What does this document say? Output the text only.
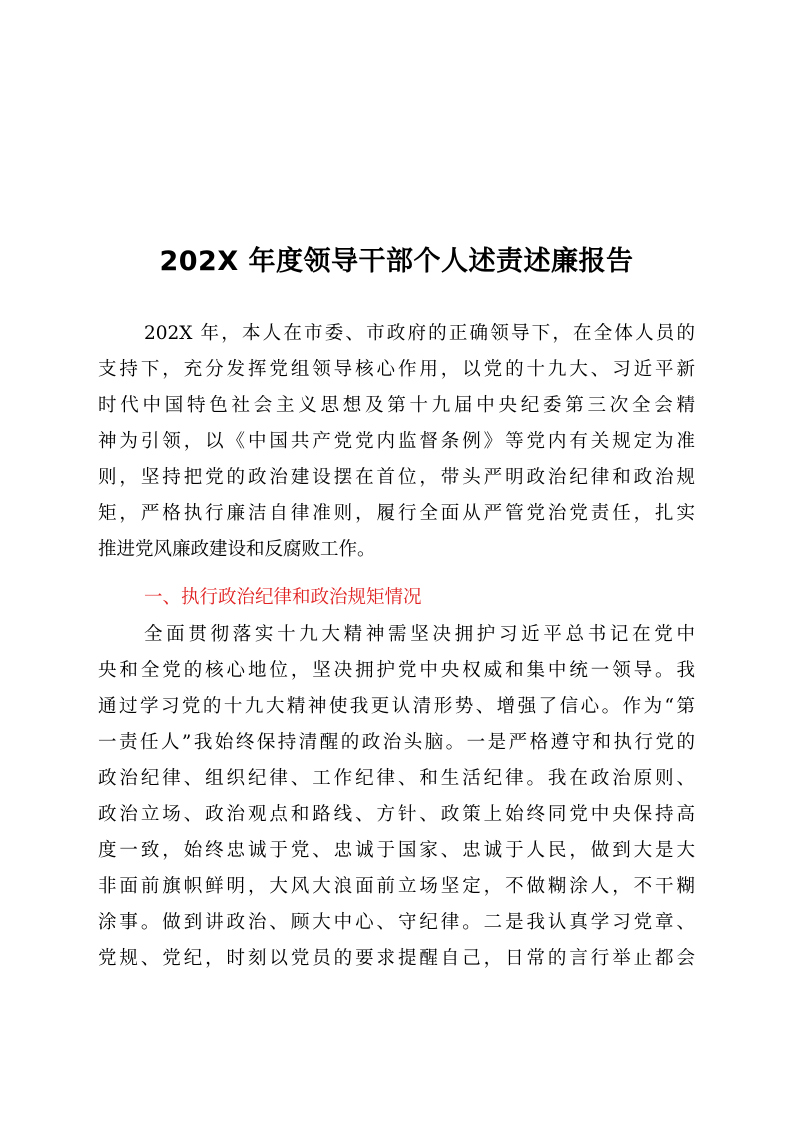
202X 年度领导干部个人述责述廉报告
202X 年，本人在市委、市政府的正确领导下，在全体人员的
支持下，充分发挥党组领导核心作用，以党的十九大、习近平新
时代中国特色社会主义思想及第十九届中央纪委第三次全会精
神为引领，以《中国共产党党内监督条例》等党内有关规定为准
则，坚持把党的政治建设摆在首位，带头严明政治纪律和政治规
矩，严格执行廉洁自律准则，履行全面从严管党治党责任，扎实
推进党风廉政建设和反腐败工作。
一、执行政治纪律和政治规矩情况
全面贯彻落实十九大精神需坚决拥护习近平总书记在党中
央和全党的核心地位，坚决拥护党中央权威和集中统一领导。我
通过学习党的十九大精神使我更认清形势、增强了信心。作为“第
一责任人”我始终保持清醒的政治头脑。一是严格遵守和执行党的
政治纪律、组织纪律、工作纪律、和生活纪律。我在政治原则、
政治立场、政治观点和路线、方针、政策上始终同党中央保持高
度一致，始终忠诚于党、忠诚于国家、忠诚于人民，做到大是大
非面前旗帜鲜明，大风大浪面前立场坚定，不做糊涂人，不干糊
涂事。做到讲政治、顾大中心、守纪律。二是我认真学习党章、
党规、党纪，时刻以党员的要求提醒自己，日常的言行举止都会
